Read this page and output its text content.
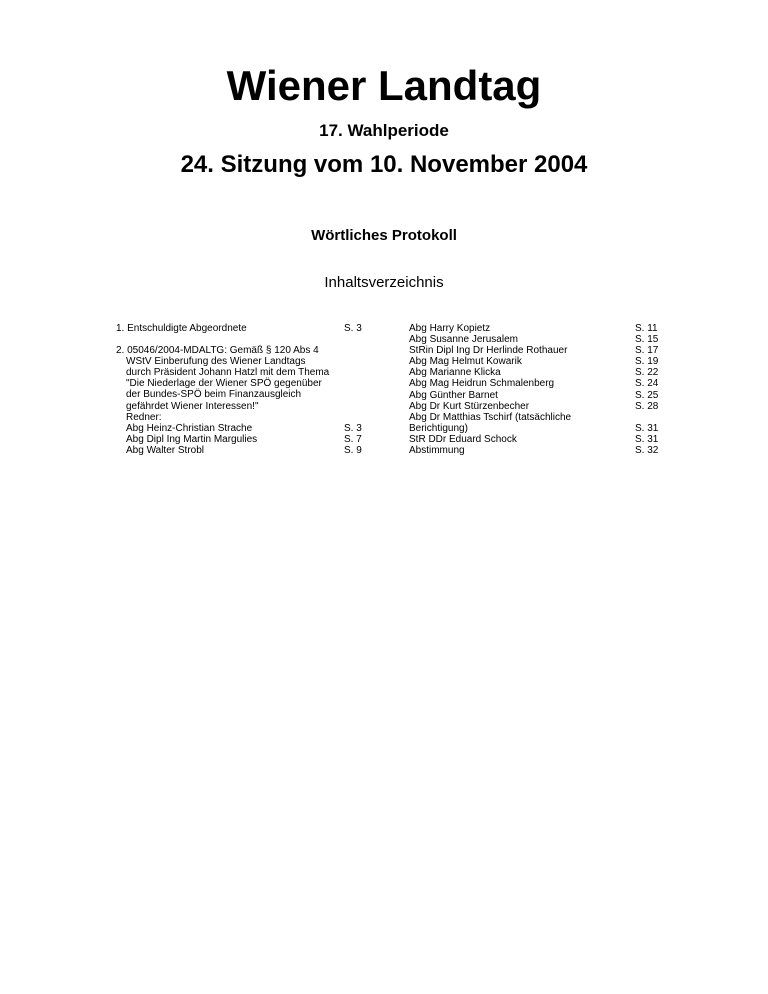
Wiener Landtag
17. Wahlperiode
24. Sitzung vom 10. November 2004
Wörtliches Protokoll
Inhaltsverzeichnis
1. Entschuldigte Abgeordnete	S. 3
2. 05046/2004-MDALTG: Gemäß § 120 Abs 4
WStV Einberufung des Wiener Landtags
durch Präsident Johann Hatzl mit dem Thema
"Die Niederlage der Wiener SPÖ gegenüber
der Bundes-SPÖ beim Finanzausgleich
gefährdet Wiener Interessen!"
Redner:
Abg Heinz-Christian Strache	S. 3
Abg Dipl Ing Martin Margulies	S. 7
Abg Walter Strobl	S. 9
Abg Harry Kopietz	S. 11
Abg Susanne Jerusalem	S. 15
StRin Dipl Ing Dr Herlinde Rothauer	S. 17
Abg Mag Helmut Kowarik	S. 19
Abg Marianne Klicka	S. 22
Abg Mag Heidrun Schmalenberg	S. 24
Abg Günther Barnet	S. 25
Abg Dr Kurt Stürzenbecher	S. 28
Abg Dr Matthias Tschirf (tatsächliche
Berichtigung)	S. 31
StR DDr Eduard Schock	S. 31
Abstimmung	S. 32
